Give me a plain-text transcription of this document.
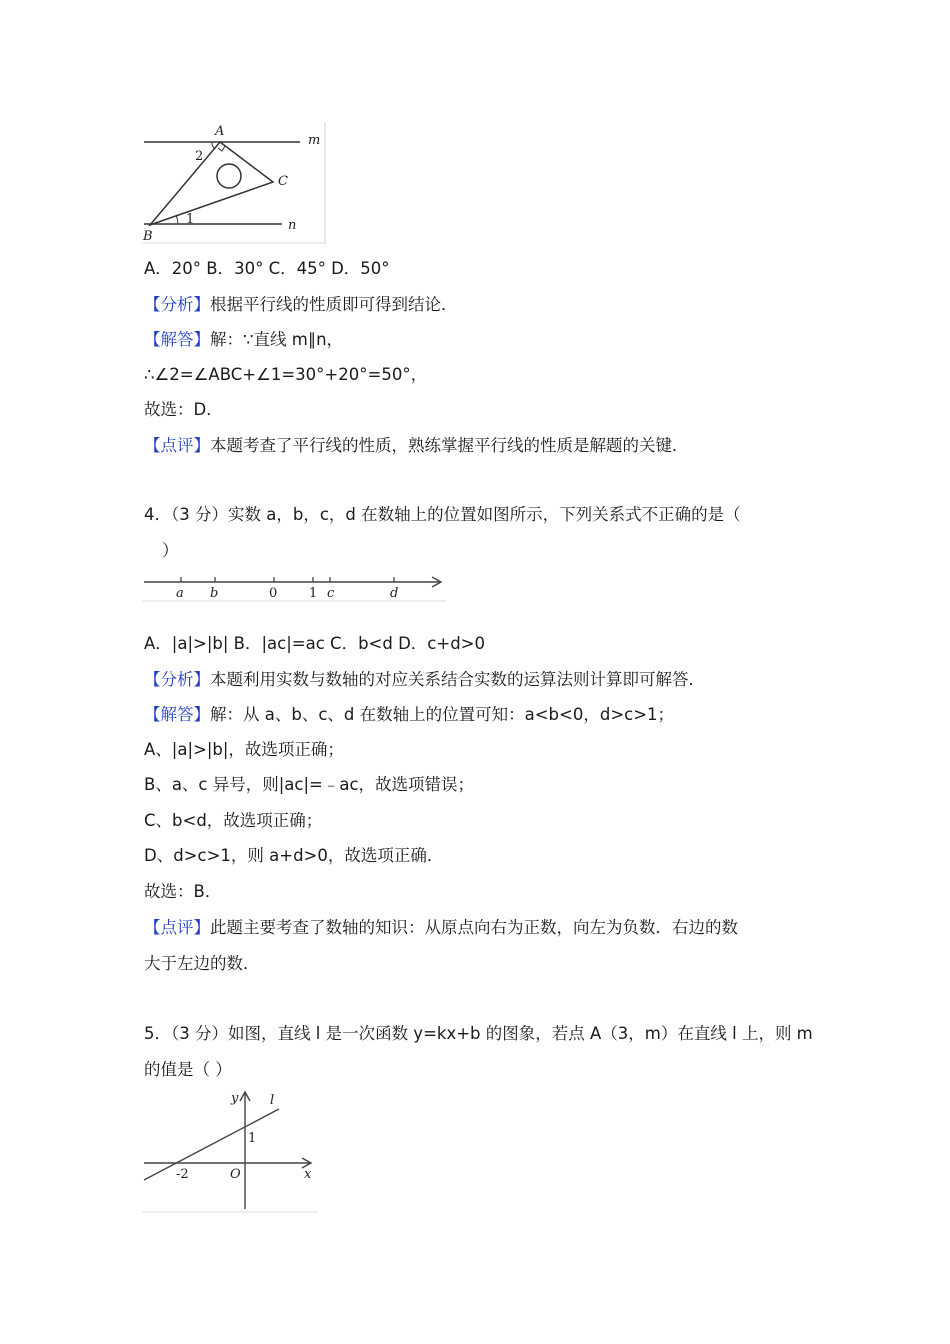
A
2
C
m
1	n
B
A．20° B．30° C．45° D．50°
【分析】根据平行线的性质即可得到结论．
【解答】解：∵直线 m∥n，
∴∠2=∠ABC+∠1=30°+20°=50°，
故选：D．
【点评】本题考查了平行线的性质，熟练掌握平行线的性质是解题的关键．
4．（3 分）实数 a，b，c，d 在数轴上的位置如图所示，下列关系式不正确的是（
）
a b	0 1 c	d
A．|a|>|b| B．|ac|=ac C．b<d D．c+d>0
【分析】本题利用实数与数轴的对应关系结合实数的运算法则计算即可解答．
【解答】解：从 a、b、c、d 在数轴上的位置可知：a<b<0，d>c>1；
A、|a|>|b|，故选项正确；
B、a、c 异号，则|ac|=﹣ac，故选项错误；
C、b<d，故选项正确；
D、d>c>1，则 a+d>0，故选项正确．
故选：B．
【点评】此题主要考查了数轴的知识：从原点向右为正数，向左为负数．右边的数
大于左边的数．
5．（3 分）如图，直线 l 是一次函数 y=kx+b 的图象，若点 A（3，m）在直线 l 上，则 m
的值是（ ）
y l
1
-2	O	x
